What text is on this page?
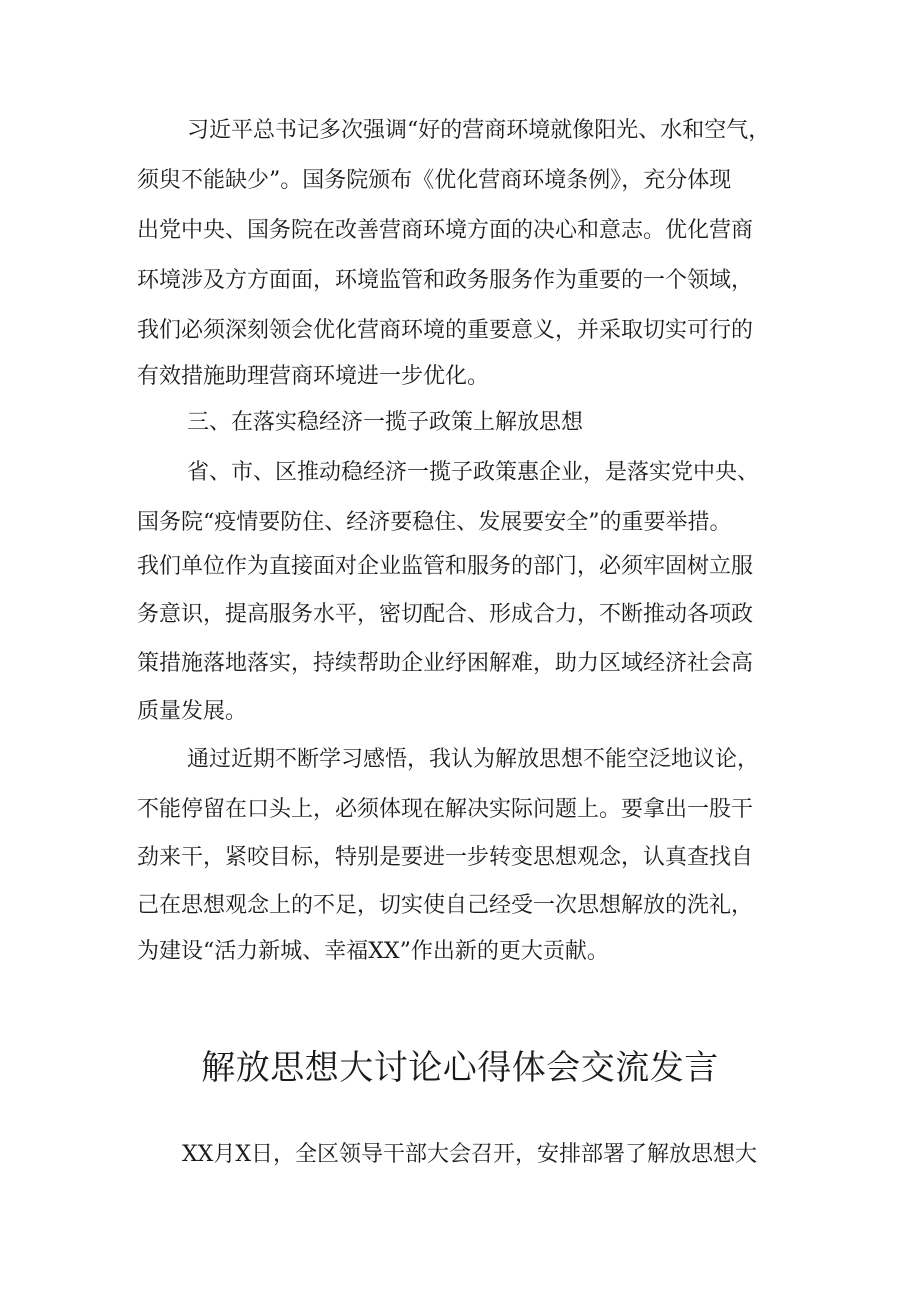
习近平总书记多次强调“好的营商环境就像阳光、水和空气，
须臾不能缺少”。国务院颁布《优化营商环境条例》，充分体现
出党中央、国务院在改善营商环境方面的决心和意志。优化营商
环境涉及方方面面，环境监管和政务服务作为重要的一个领域，
我们必须深刻领会优化营商环境的重要意义，并采取切实可行的
有效措施助理营商环境进一步优化。
三、在落实稳经济一揽子政策上解放思想
省、市、区推动稳经济一揽子政策惠企业，是落实党中央、
国务院“疫情要防住、经济要稳住、发展要安全”的重要举措。
我们单位作为直接面对企业监管和服务的部门，必须牢固树立服
务意识，提高服务水平，密切配合、形成合力，不断推动各项政
策措施落地落实，持续帮助企业纾困解难，助力区域经济社会高
质量发展。
通过近期不断学习感悟，我认为解放思想不能空泛地议论，
不能停留在口头上，必须体现在解决实际问题上。要拿出一股干
劲来干，紧咬目标，特别是要进一步转变思想观念，认真查找自
己在思想观念上的不足，切实使自己经受一次思想解放的洗礼，
为建设“活力新城、幸福XX”作出新的更大贡献。
解放思想大讨论心得体会交流发言
XX月X日，全区领导干部大会召开，安排部署了解放思想大
